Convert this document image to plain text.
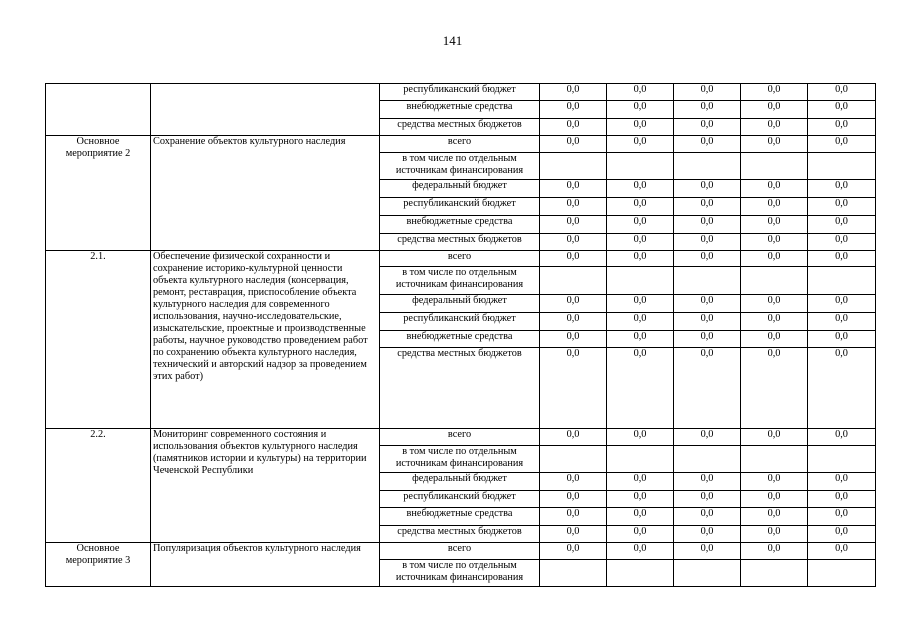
141
		республиканский бюджет	0,0	0,0	0,0	0,0	0,0
		внебюджетные средства	0,0	0,0	0,0	0,0	0,0
		средства местных бюджетов	0,0	0,0	0,0	0,0	0,0
Основное мероприятие 2	Сохранение объектов культурного наследия	всего	0,0	0,0	0,0	0,0	0,0
		в том числе по отдельным источникам финансирования					
		федеральный бюджет	0,0	0,0	0,0	0,0	0,0
		республиканский бюджет	0,0	0,0	0,0	0,0	0,0
		внебюджетные средства	0,0	0,0	0,0	0,0	0,0
		средства местных бюджетов	0,0	0,0	0,0	0,0	0,0
2.1.	Обеспечение физической сохранности и сохранение историко-культурной ценности объекта культурного наследия (консервация, ремонт, реставрация, приспособление объекта культурного наследия для современного использования, научно-исследовательские, изыскательские, проектные и производственные работы, научное руководство проведением работ по сохранению объекта культурного наследия, технический и авторский надзор за проведением этих работ)	всего	0,0	0,0	0,0	0,0	0,0
		в том числе по отдельным источникам финансирования					
		федеральный бюджет	0,0	0,0	0,0	0,0	0,0
		республиканский бюджет	0,0	0,0	0,0	0,0	0,0
		внебюджетные средства	0,0	0,0	0,0	0,0	0,0
		средства местных бюджетов	0,0	0,0	0,0	0,0	0,0
2.2.	Мониторинг современного состояния и использования объектов культурного наследия (памятников истории и культуры) на территории Чеченской Республики	всего	0,0	0,0	0,0	0,0	0,0
		в том числе по отдельным источникам финансирования					
		федеральный бюджет	0,0	0,0	0,0	0,0	0,0
		республиканский бюджет	0,0	0,0	0,0	0,0	0,0
		внебюджетные средства	0,0	0,0	0,0	0,0	0,0
		средства местных бюджетов	0,0	0,0	0,0	0,0	0,0
Основное мероприятие 3	Популяризация объектов культурного наследия	всего	0,0	0,0	0,0	0,0	0,0
		в том числе по отдельным источникам финансирования					
